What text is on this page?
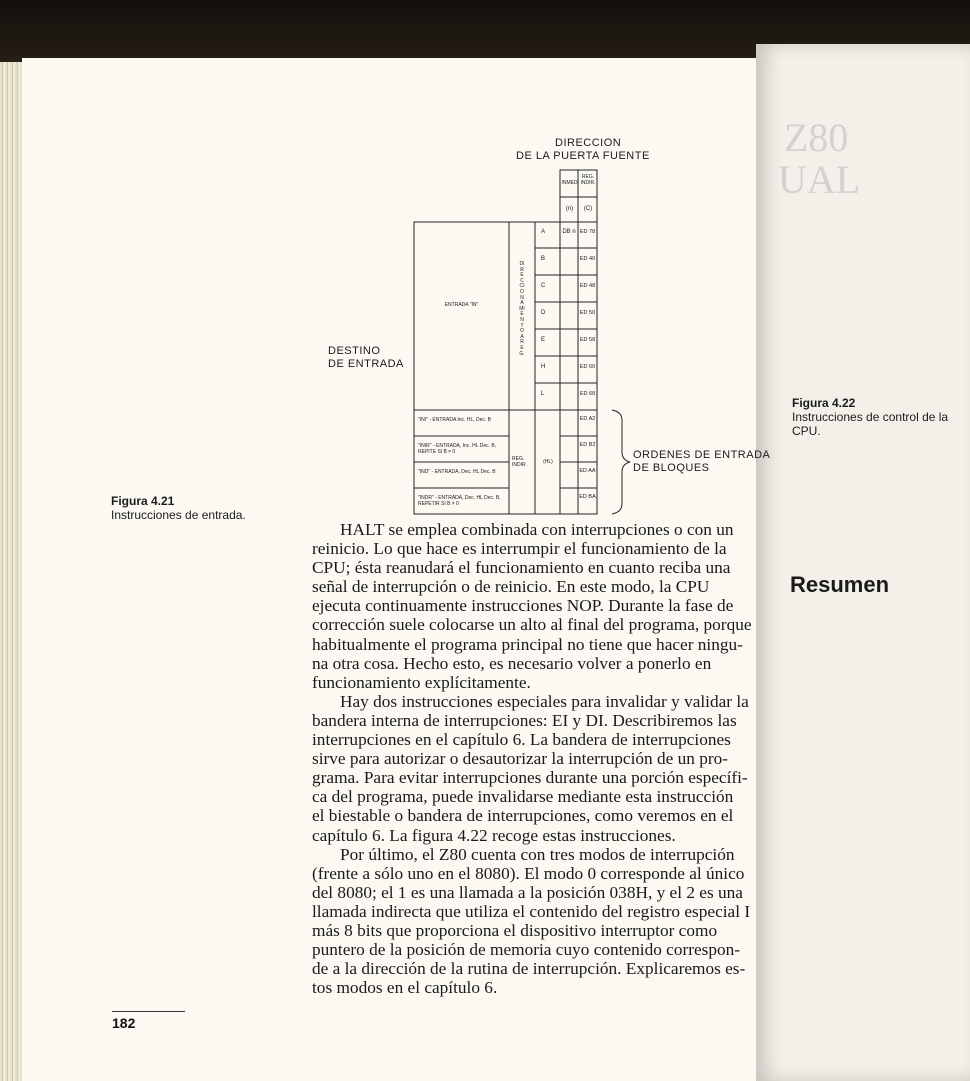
Z80
UAL
Figura 4.21
Instrucciones de entrada.
Figura 4.22
Instrucciones de control de la
CPU.
Resumen
DIRECCION
DE LA PUERTA FUENTE
DESTINO
DE ENTRADA
INMED
REG. INDIR.
(n)	(C)
ENTRADA "IN"
DIRECCIONAMIENTO A REG.
A
B
C
D
E
H
L
DB n ED 78
ED 40
ED 48
ED 50
ED 58
ED 60
ED 68
ED A2
ED B2
ED AA
ED BA
"INI" - ENTRADA Inc. HL, Dec. B
"INIR" - ENTRADA, Inc. HL Dec. B, REPITE SI B ≠ 0
"IND" - ENTRADA, Dec. HL Dec. B
"INDR" - ENTRADA, Dec. HL Dec. B, REPETIR SI B ≠ 0
REG. INDIR.	(HL)
ORDENES DE ENTRADA
DE BLOQUES
HALT se emplea combinada con interrupciones o con un
reinicio. Lo que hace es interrumpir el funcionamiento de la
CPU; ésta reanudará el funcionamiento en cuanto reciba una
señal de interrupción o de reinicio. En este modo, la CPU
ejecuta continuamente instrucciones NOP. Durante la fase de
corrección suele colocarse un alto al final del programa, porque
habitualmente el programa principal no tiene que hacer ningu-
na otra cosa. Hecho esto, es necesario volver a ponerlo en
funcionamiento explícitamente.
Hay dos instrucciones especiales para invalidar y validar la
bandera interna de interrupciones: EI y DI. Describiremos las
interrupciones en el capítulo 6. La bandera de interrupciones
sirve para autorizar o desautorizar la interrupción de un pro-
grama. Para evitar interrupciones durante una porción específi-
ca del programa, puede invalidarse mediante esta instrucción
el biestable o bandera de interrupciones, como veremos en el
capítulo 6. La figura 4.22 recoge estas instrucciones.
Por último, el Z80 cuenta con tres modos de interrupción
(frente a sólo uno en el 8080). El modo 0 corresponde al único
del 8080; el 1 es una llamada a la posición 038H, y el 2 es una
llamada indirecta que utiliza el contenido del registro especial I
más 8 bits que proporciona el dispositivo interruptor como
puntero de la posición de memoria cuyo contenido correspon-
de a la dirección de la rutina de interrupción. Explicaremos es-
tos modos en el capítulo 6.
182
